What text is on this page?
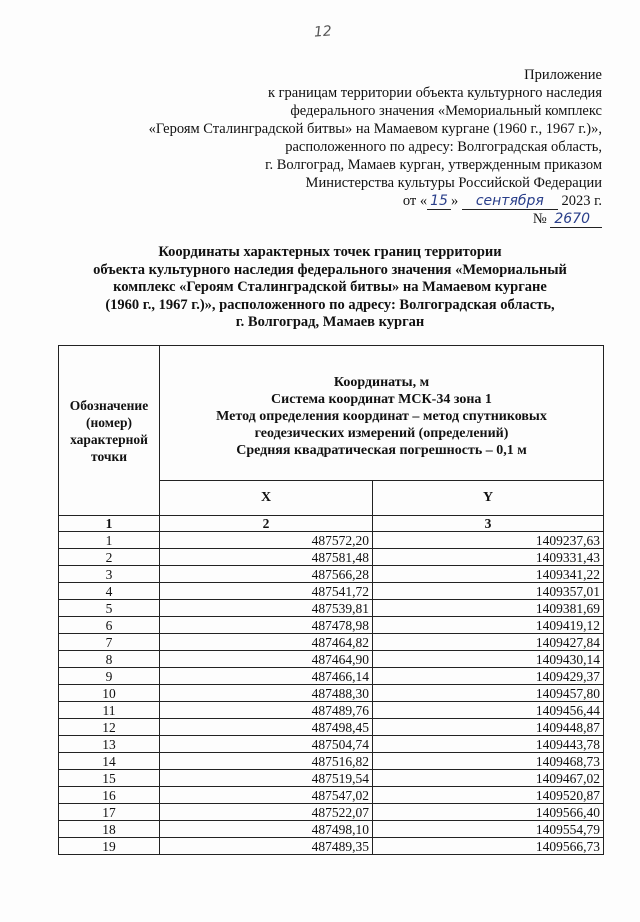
12
Приложение
к границам территории объекта культурного наследия
федерального значения «Мемориальный комплекс
«Героям Сталинградской битвы» на Мамаевом кургане (1960 г., 1967 г.)»,
расположенного по адресу: Волгоградская область,
г. Волгоград, Мамаев курган, утвержденным приказом
Министерства культуры Российской Федерации
от « 15 » сентября 2023 г.
№ 2670
Координаты характерных точек границ территории
объекта культурного наследия федерального значения «Мемориальный
комплекс «Героям Сталинградской битвы» на Мамаевом кургане
(1960 г., 1967 г.)», расположенного по адресу: Волгоградская область,
г. Волгоград, Мамаев курган
Обозначение
(номер)
характерной
точки	Координаты, м
Система координат МСК-34 зона 1
Метод определения координат – метод спутниковых
геодезических измерений (определений)
Средняя квадратическая погрешность – 0,1 м	

	X	Y
1	2	3
1	487572,20	1409237,63
2	487581,48	1409331,43
3	487566,28	1409341,22
4	487541,72	1409357,01
5	487539,81	1409381,69
6	487478,98	1409419,12
7	487464,82	1409427,84
8	487464,90	1409430,14
9	487466,14	1409429,37
10	487488,30	1409457,80
11	487489,76	1409456,44
12	487498,45	1409448,87
13	487504,74	1409443,78
14	487516,82	1409468,73
15	487519,54	1409467,02
16	487547,02	1409520,87
17	487522,07	1409566,40
18	487498,10	1409554,79
19	487489,35	1409566,73
